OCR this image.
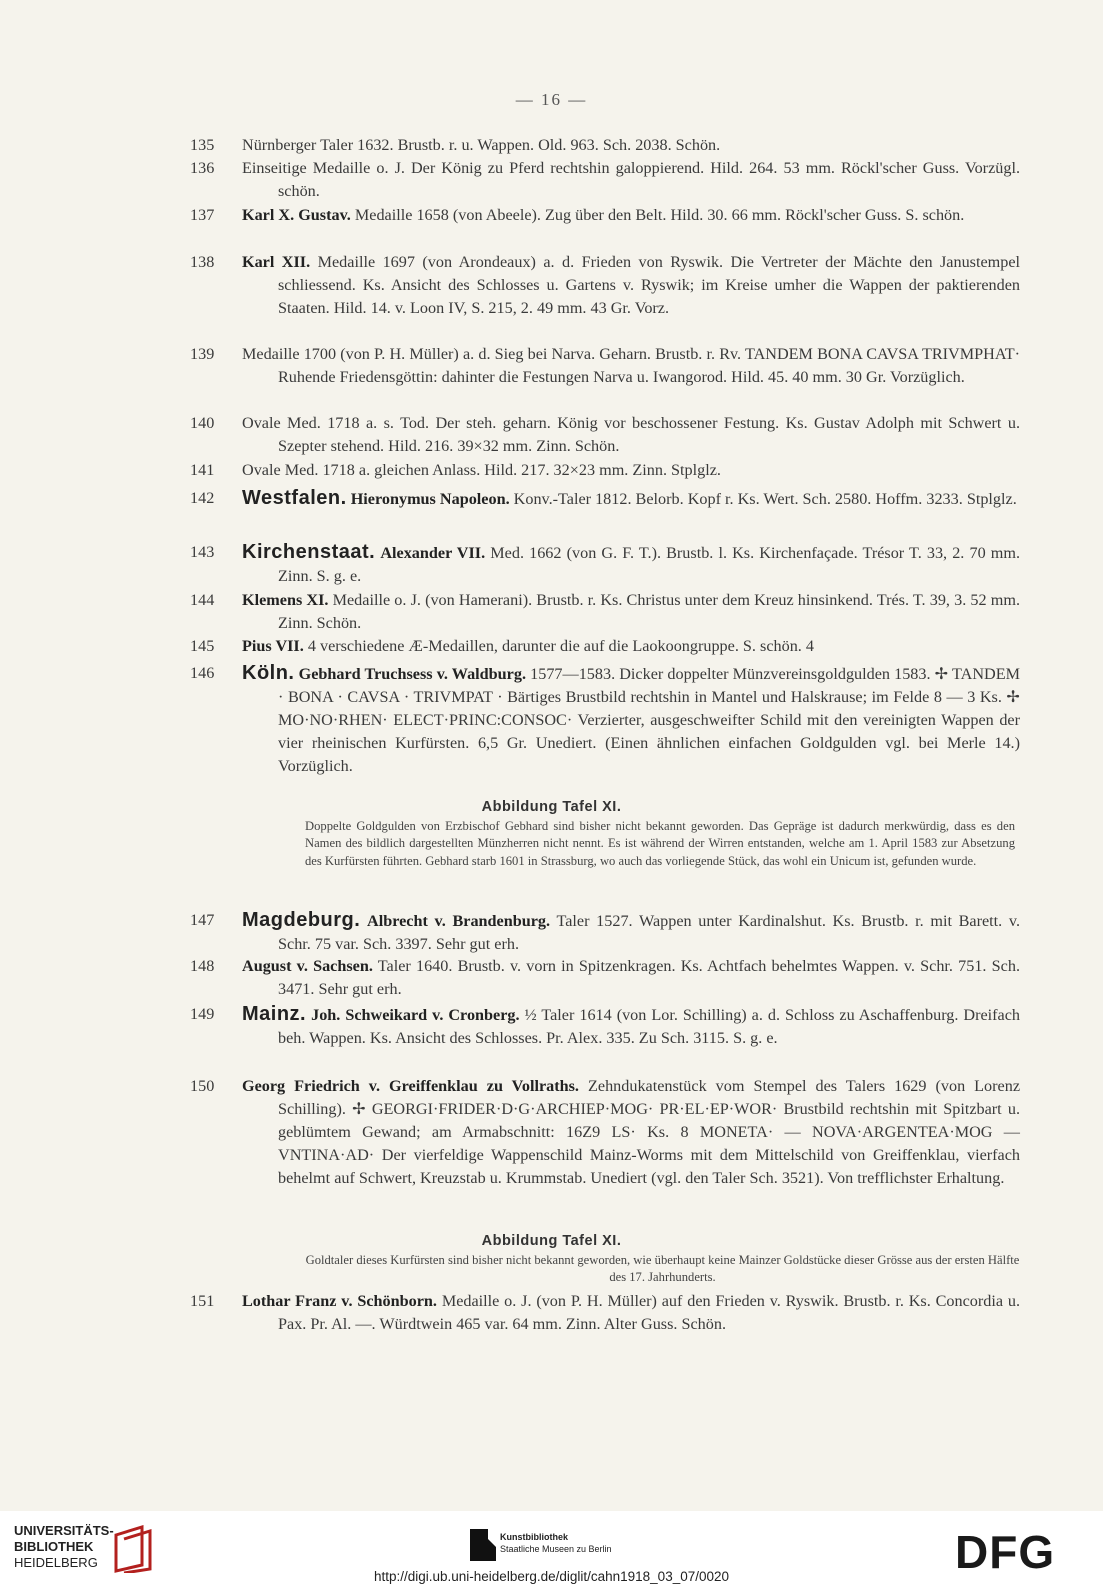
— 16 —
135	Nürnberger Taler 1632. Brustb. r. u. Wappen. Old. 963. Sch. 2038. Schön.
136	Einseitige Medaille o. J. Der König zu Pferd rechtshin galoppierend. Hild. 264. 53 mm. Röckl'scher Guss. Vorzügl. schön.
137	Karl X. Gustav. Medaille 1658 (von Abeele). Zug über den Belt. Hild. 30. 66 mm. Röckl'scher Guss. S. schön.
138	Karl XII. Medaille 1697 (von Arondeaux) a. d. Frieden von Ryswik. Die Vertreter der Mächte den Janustempel schliessend. Ks. Ansicht des Schlosses u. Gartens v. Ryswik; im Kreise umher die Wappen der paktierenden Staaten. Hild. 14. v. Loon IV, S. 215, 2. 49 mm. 43 Gr. Vorz.
139	Medaille 1700 (von P. H. Müller) a. d. Sieg bei Narva. Geharn. Brustb. r. Rv. TANDEM BONA CAVSA TRIVMPHAT· Ruhende Friedensgöttin: dahinter die Festungen Narva u. Iwangorod. Hild. 45. 40 mm. 30 Gr. Vorzüglich.
140	Ovale Med. 1718 a. s. Tod. Der steh. geharn. König vor beschossener Festung. Ks. Gustav Adolph mit Schwert u. Szepter stehend. Hild. 216. 39×32 mm. Zinn. Schön.
141	Ovale Med. 1718 a. gleichen Anlass. Hild. 217. 32×23 mm. Zinn. Stplglz.
142	Westfalen. Hieronymus Napoleon. Konv.-Taler 1812. Belorb. Kopf r. Ks. Wert. Sch. 2580. Hoffm. 3233. Stplglz.
143	Kirchenstaat. Alexander VII. Med. 1662 (von G. F. T.). Brustb. l. Ks. Kirchenfaçade. Trésor T. 33, 2. 70 mm. Zinn. S. g. e.
144	Klemens XI. Medaille o. J. (von Hamerani). Brustb. r. Ks. Christus unter dem Kreuz hinsinkend. Trés. T. 39, 3. 52 mm. Zinn. Schön.
145	Pius VII. 4 verschiedene Æ-Medaillen, darunter die auf die Laokoongruppe. S. schön. 4
146	Köln. Gebhard Truchsess v. Waldburg. 1577—1583. Dicker doppelter Münzvereinsgoldgulden 1583. ✢ TANDEM · BONA · CAVSA · TRIVMPAT · Bärtiges Brustbild rechtshin in Mantel und Halskrause; im Felde 8 — 3 Ks. ✢ MO·NO·RHEN· ELECT·PRINC:CONSOC· Verzierter, ausgeschweifter Schild mit den vereinigten Wappen der vier rheinischen Kurfürsten. 6,5 Gr. Unediert. (Einen ähnlichen einfachen Goldgulden vgl. bei Merle 14.) Vorzüglich.
Abbildung Tafel XI.
Doppelte Goldgulden von Erzbischof Gebhard sind bisher nicht bekannt geworden. Das Gepräge ist dadurch merkwürdig, dass es den Namen des bildlich dargestellten Münzherren nicht nennt. Es ist während der Wirren entstanden, welche am 1. April 1583 zur Absetzung des Kurfürsten führten. Gebhard starb 1601 in Strassburg, wo auch das vorliegende Stück, das wohl ein Unicum ist, gefunden wurde.
147	Magdeburg. Albrecht v. Brandenburg. Taler 1527. Wappen unter Kardinalshut. Ks. Brustb. r. mit Barett. v. Schr. 75 var. Sch. 3397. Sehr gut erh.
148	August v. Sachsen. Taler 1640. Brustb. v. vorn in Spitzenkragen. Ks. Achtfach behelmtes Wappen. v. Schr. 751. Sch. 3471. Sehr gut erh.
149	Mainz. Joh. Schweikard v. Cronberg. ½ Taler 1614 (von Lor. Schilling) a. d. Schloss zu Aschaffenburg. Dreifach beh. Wappen. Ks. Ansicht des Schlosses. Pr. Alex. 335. Zu Sch. 3115. S. g. e.
150	Georg Friedrich v. Greiffenklau zu Vollraths. Zehndukatenstück vom Stempel des Talers 1629 (von Lorenz Schilling). ✢ GEORGI·FRIDER·D·G·ARCHIEP·MOG· PR·EL·EP·WOR· Brustbild rechtshin mit Spitzbart u. geblümtem Gewand; am Armabschnitt: 16Z9 LS· Ks. 8 MONETA· — NOVA·ARGENTEA·MOG — VNTINA·AD· Der vierfeldige Wappenschild Mainz-Worms mit dem Mittelschild von Greiffenklau, vierfach behelmt auf Schwert, Kreuzstab u. Krummstab. Unediert (vgl. den Taler Sch. 3521). Von trefflichster Erhaltung.
Abbildung Tafel XI.
Goldtaler dieses Kurfürsten sind bisher nicht bekannt geworden, wie überhaupt keine Mainzer Goldstücke dieser Grösse aus der ersten Hälfte des 17. Jahrhunderts.
151	Lothar Franz v. Schönborn. Medaille o. J. (von P. H. Müller) auf den Frieden v. Ryswik. Brustb. r. Ks. Concordia u. Pax. Pr. Al. —. Würdtwein 465 var. 64 mm. Zinn. Alter Guss. Schön.
UNIVERSITÄTS-
BIBLIOTHEK
HEIDELBERG
Kunstbibliothek
Staatliche Museen zu Berlin	DFG
http://digi.ub.uni-heidelberg.de/diglit/cahn1918_03_07/0020
